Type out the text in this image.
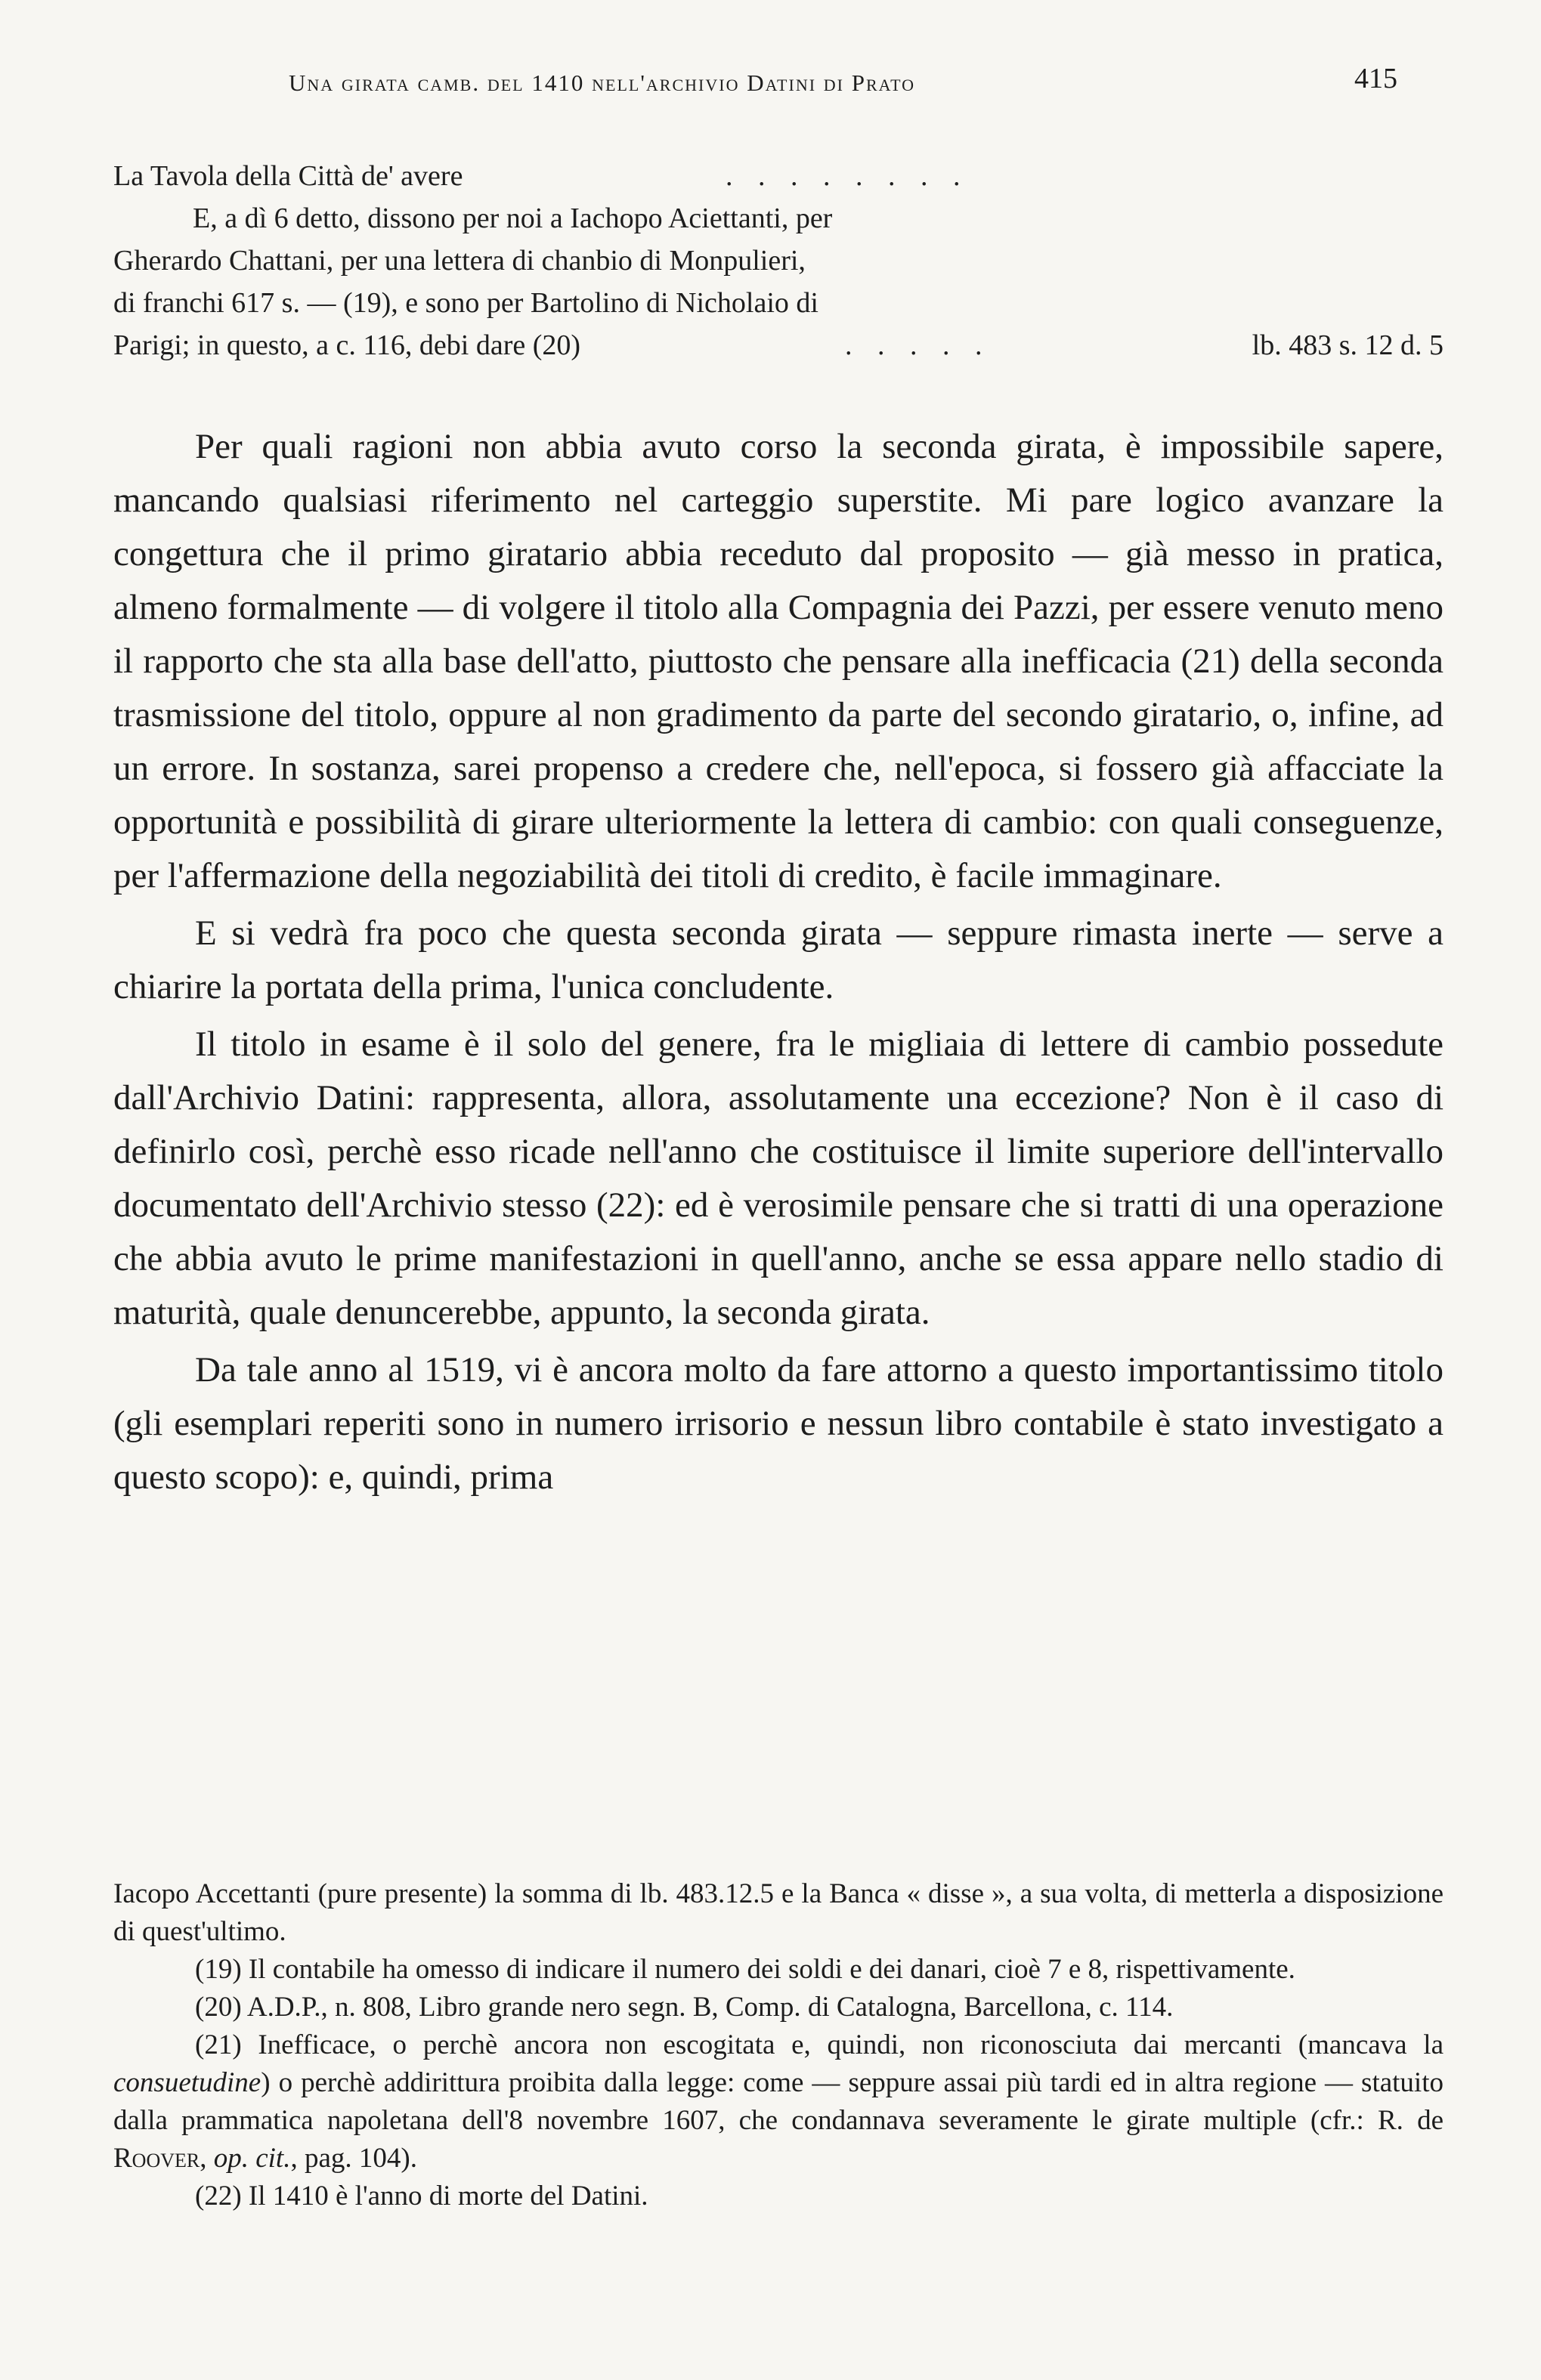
Una girata camb. del 1410 nell'archivio Datini di Prato	415
La Tavola della Città de' avere	. . . . . . . .
E, a dì 6 detto, dissono per noi a Iachopo Aciettanti, per
Gherardo Chattani, per una lettera di chanbio di Monpulieri,
di franchi 617 s. — (19), e sono per Bartolino di Nicholaio di
Parigi; in questo, a c. 116, debi dare (20)	. . . . .	lb. 483 s. 12 d. 5

Per quali ragioni non abbia avuto corso la seconda girata, è impossibile sapere, mancando qualsiasi riferimento nel carteggio superstite. Mi pare logico avanzare la congettura che il primo giratario abbia receduto dal proposito — già messo in pratica, almeno formalmente — di volgere il titolo alla Compagnia dei Pazzi, per essere venuto meno il rapporto che sta alla base dell'atto, piuttosto che pensare alla inefficacia (21) della seconda trasmissione del titolo, oppure al non gradimento da parte del secondo giratario, o, infine, ad un errore. In sostanza, sarei propenso a credere che, nell'epoca, si fossero già affacciate la opportunità e possibilità di girare ulteriormente la lettera di cambio: con quali conseguenze, per l'affermazione della negoziabilità dei titoli di credito, è facile immaginare.

E si vedrà fra poco che questa seconda girata — seppure rimasta inerte — serve a chiarire la portata della prima, l'unica concludente.

Il titolo in esame è il solo del genere, fra le migliaia di lettere di cambio possedute dall'Archivio Datini: rappresenta, allora, assolutamente una eccezione? Non è il caso di definirlo così, perchè esso ricade nell'anno che costituisce il limite superiore dell'intervallo documentato dell'Archivio stesso (22): ed è verosimile pensare che si tratti di una operazione che abbia avuto le prime manifestazioni in quell'anno, anche se essa appare nello stadio di maturità, quale denuncerebbe, appunto, la seconda girata.

Da tale anno al 1519, vi è ancora molto da fare attorno a questo importantissimo titolo (gli esemplari reperiti sono in numero irrisorio e nessun libro contabile è stato investigato a questo scopo): e, quindi, prima

Iacopo Accettanti (pure presente) la somma di lb. 483.12.5 e la Banca « disse », a sua volta, di metterla a disposizione di quest'ultimo.

(19) Il contabile ha omesso di indicare il numero dei soldi e dei danari, cioè 7 e 8, rispettivamente.

(20) A.D.P., n. 808, Libro grande nero segn. B, Comp. di Catalogna, Barcellona, c. 114.

(21) Inefficace, o perchè ancora non escogitata e, quindi, non riconosciuta dai mercanti (mancava la consuetudine) o perchè addirittura proibita dalla legge: come — seppure assai più tardi ed in altra regione — statuito dalla prammatica napoletana dell'8 novembre 1607, che condannava severamente le girate multiple (cfr.: R. de Roover, op. cit., pag. 104).

(22) Il 1410 è l'anno di morte del Datini.
